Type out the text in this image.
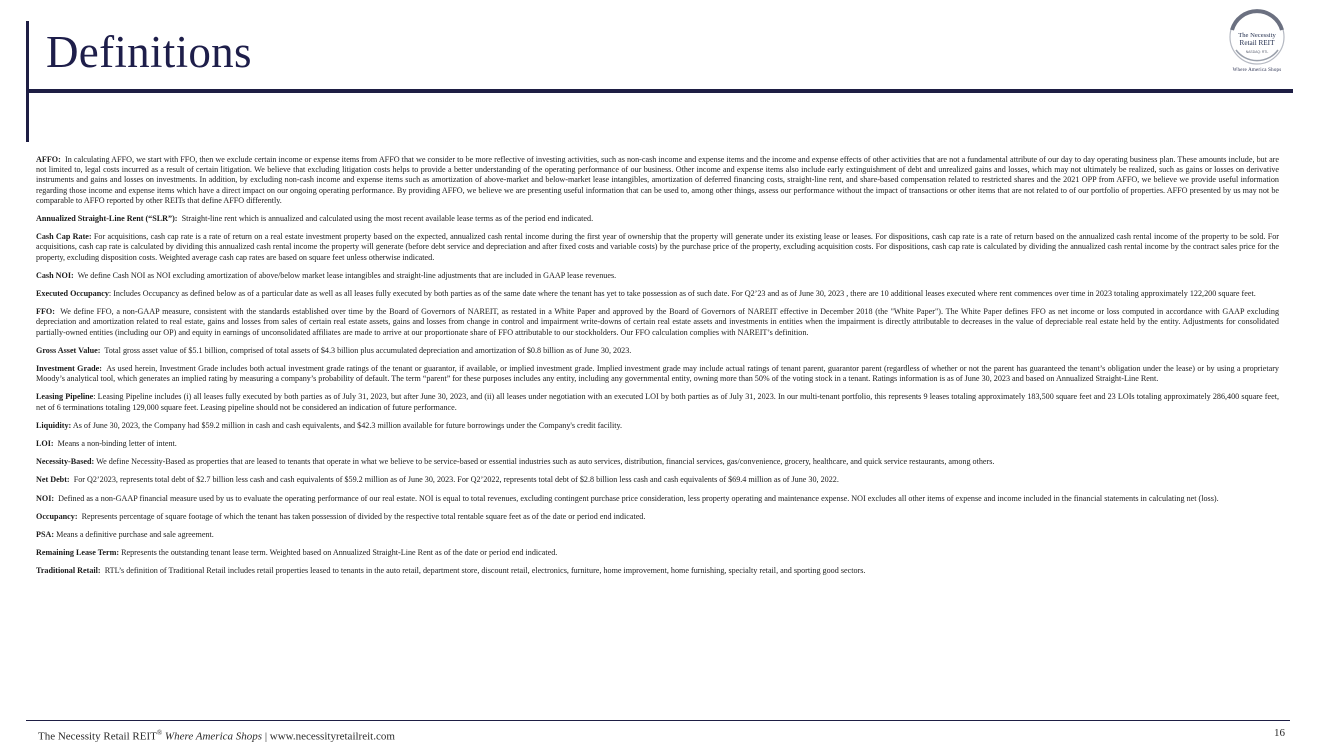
Definitions	The Necessity
Retail REIT
NASDAQ: RTL
Where America Shops

AFFO: In calculating AFFO, we start with FFO, then we exclude certain income or expense items from AFFO that we consider to be more reflective of investing activities, such as non-cash income and expense items and the income and expense effects of other activities that are not a fundamental attribute of our day to day operating business plan. These amounts include, but are not limited to, legal costs incurred as a result of certain litigation. We believe that excluding litigation costs helps to provide a better understanding of the operating performance of our business. Other income and expense items also include early extinguishment of debt and unrealized gains and losses, which may not ultimately be realized, such as gains or losses on derivative instruments and gains and losses on investments. In addition, by excluding non-cash income and expense items such as amortization of above-market and below-market lease intangibles, amortization of deferred financing costs, straight-line rent, and share-based compensation related to restricted shares and the 2021 OPP from AFFO, we believe we provide useful information regarding those income and expense items which have a direct impact on our ongoing operating performance. By providing AFFO, we believe we are presenting useful information that can be used to, among other things, assess our performance without the impact of transactions or other items that are not related to of our portfolio of properties. AFFO presented by us may not be comparable to AFFO reported by other REITs that define AFFO differently.

Annualized Straight-Line Rent (“SLR”): Straight-line rent which is annualized and calculated using the most recent available lease terms as of the period end indicated.

Cash Cap Rate: For acquisitions, cash cap rate is a rate of return on a real estate investment property based on the expected, annualized cash rental income during the first year of ownership that the property will generate under its existing lease or leases. For dispositions, cash cap rate is a rate of return based on the annualized cash rental income of the property to be sold. For acquisitions, cash cap rate is calculated by dividing this annualized cash rental income the property will generate (before debt service and depreciation and after fixed costs and variable costs) by the purchase price of the property, excluding acquisition costs. For dispositions, cash cap rate is calculated by dividing the annualized cash rental income by the contract sales price for the property, excluding disposition costs. Weighted average cash cap rates are based on square feet unless otherwise indicated.

Cash NOI: We define Cash NOI as NOI excluding amortization of above/below market lease intangibles and straight-line adjustments that are included in GAAP lease revenues.

Executed Occupancy: Includes Occupancy as defined below as of a particular date as well as all leases fully executed by both parties as of the same date where the tenant has yet to take possession as of such date. For Q2’23 and as of June 30, 2023 , there are 10 additional leases executed where rent commences over time in 2023 totaling approximately 122,200 square feet.

FFO: We define FFO, a non-GAAP measure, consistent with the standards established over time by the Board of Governors of NAREIT, as restated in a White Paper and approved by the Board of Governors of NAREIT effective in December 2018 (the "White Paper"). The White Paper defines FFO as net income or loss computed in accordance with GAAP excluding depreciation and amortization related to real estate, gains and losses from sales of certain real estate assets, gains and losses from change in control and impairment write-downs of certain real estate assets and investments in entities when the impairment is directly attributable to decreases in the value of depreciable real estate held by the entity. Adjustments for consolidated partially-owned entities (including our OP) and equity in earnings of unconsolidated affiliates are made to arrive at our proportionate share of FFO attributable to our stockholders. Our FFO calculation complies with NAREIT’s definition.

Gross Asset Value: Total gross asset value of $5.1 billion, comprised of total assets of $4.3 billion plus accumulated depreciation and amortization of $0.8 billion as of June 30, 2023.

Investment Grade: As used herein, Investment Grade includes both actual investment grade ratings of the tenant or guarantor, if available, or implied investment grade. Implied investment grade may include actual ratings of tenant parent, guarantor parent (regardless of whether or not the parent has guaranteed the tenant’s obligation under the lease) or by using a proprietary Moody’s analytical tool, which generates an implied rating by measuring a company’s probability of default. The term “parent” for these purposes includes any entity, including any governmental entity, owning more than 50% of the voting stock in a tenant. Ratings information is as of June 30, 2023 and based on Annualized Straight-Line Rent.

Leasing Pipeline: Leasing Pipeline includes (i) all leases fully executed by both parties as of July 31, 2023, but after June 30, 2023, and (ii) all leases under negotiation with an executed LOI by both parties as of July 31, 2023. In our multi-tenant portfolio, this represents 9 leases totaling approximately 183,500 square feet and 23 LOIs totaling approximately 286,400 square feet, net of 6 terminations totaling 129,000 square feet. Leasing pipeline should not be considered an indication of future performance.

Liquidity: As of June 30, 2023, the Company had $59.2 million in cash and cash equivalents, and $42.3 million available for future borrowings under the Company's credit facility.

LOI: Means a non-binding letter of intent.

Necessity-Based: We define Necessity-Based as properties that are leased to tenants that operate in what we believe to be service-based or essential industries such as auto services, distribution, financial services, gas/convenience, grocery, healthcare, and quick service restaurants, among others.

Net Debt: For Q2’2023, represents total debt of $2.7 billion less cash and cash equivalents of $59.2 million as of June 30, 2023. For Q2’2022, represents total debt of $2.8 billion less cash and cash equivalents of $69.4 million as of June 30, 2022.

NOI: Defined as a non-GAAP financial measure used by us to evaluate the operating performance of our real estate. NOI is equal to total revenues, excluding contingent purchase price consideration, less property operating and maintenance expense. NOI excludes all other items of expense and income included in the financial statements in calculating net (loss).

Occupancy: Represents percentage of square footage of which the tenant has taken possession of divided by the respective total rentable square feet as of the date or period end indicated.

PSA: Means a definitive purchase and sale agreement.

Remaining Lease Term: Represents the outstanding tenant lease term. Weighted based on Annualized Straight-Line Rent as of the date or period end indicated.

Traditional Retail: RTL’s definition of Traditional Retail includes retail properties leased to tenants in the auto retail, department store, discount retail, electronics, furniture, home improvement, home furnishing, specialty retail, and sporting good sectors.

The Necessity Retail REIT® Where America Shops | www.necessityretailreit.com	16
